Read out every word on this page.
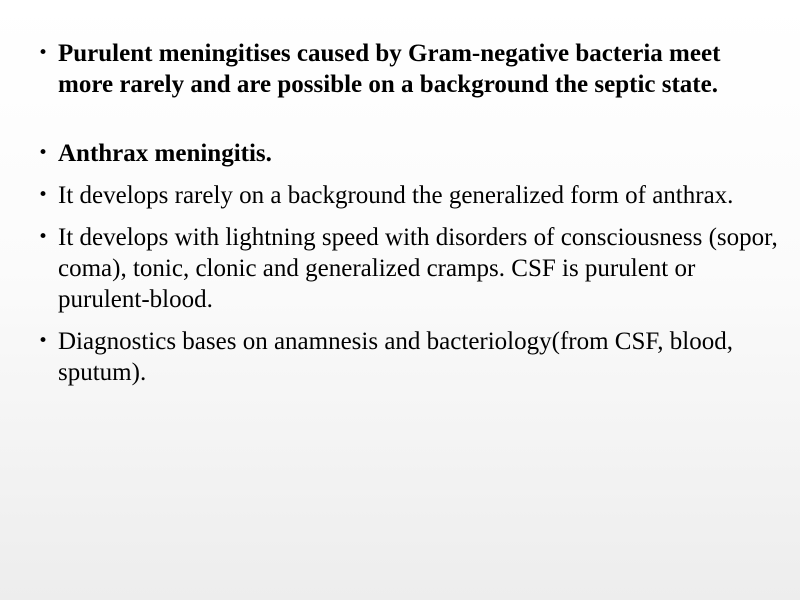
• Purulent meningitises caused by Gram-negative bacteria meet more rarely and are possible on a background the septic state.
• Anthrax meningitis.
• It develops rarely on a background the generalized form of anthrax.
• It develops with lightning speed with disorders of consciousness (sopor, coma), tonic, clonic and generalized cramps. CSF is purulent or purulent-blood.
• Diagnostics bases on anamnesis and bacteriology(from CSF, blood, sputum).
